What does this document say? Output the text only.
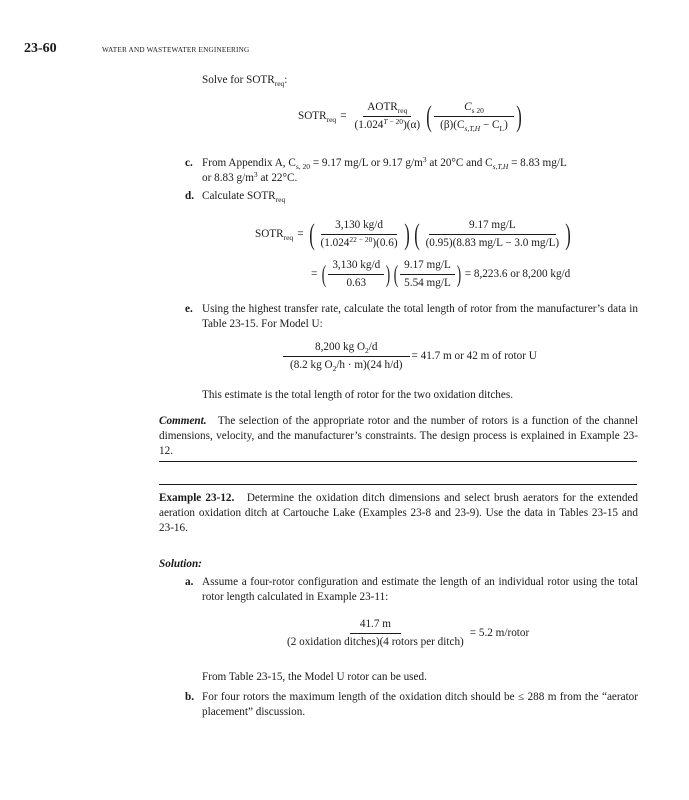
23-60	WATER AND WASTEWATER ENGINEERING
Solve for $SOTR_{req}$:
$SOTR_{req} = \frac{AOTR_{req}}{(1.024^{T - 20})(\alpha)}$ ( $\frac{C_{s 20}}{(\beta)(C_{s,T,H} - C_L)}$ )
c. From Appendix A, $C_{s, 20} = 9.17$ mg/L or 9.17 $g/m^3$ at 20°C and $C_{s,T,H} = 8.83$ mg/L
or 8.83 $g/m^3$ at 22°C.
d. Calculate $SOTR_{req}$
$SOTR_{req}$ = ( $\frac{3,130 kg/d}{(1.024^{22 - 20})(0.6)}$ ) ( $\frac{9.17 mg/L}{(0.95)(8.83 mg/L - 3.0 mg/L)}$ )
= ( $\frac{3,130 kg/d}{0.63}$ ) ( $\frac{9.17 mg/L}{5.54 mg/L}$ ) = 8,223.6 or 8,200 kg/d
e. Using the highest transfer rate, calculate the total length of rotor from the manufacturer’s data in Table 23-15. For Model U:
$\frac{8,200 kg O_2/d}{(8.2 kg O_2/h \cdot m)(24 h/d)} = 41.7$ m or 42 m of rotor U
This estimate is the total length of rotor for the two oxidation ditches.
Comment. The selection of the appropriate rotor and the number of rotors is a function of the channel dimensions, velocity, and the manufacturer’s constraints. The design process is explained in Example 23-12.
Example 23-12. Determine the oxidation ditch dimensions and select brush aerators for the extended aeration oxidation ditch at Cartouche Lake (Examples 23-8 and 23-9). Use the data in Tables 23-15 and 23-16.
Solution:
a. Assume a four-rotor configuration and estimate the length of an individual rotor using the total rotor length calculated in Example 23-11:
$\frac{41.7 m}{\text{(2 oxidation ditches)(4 rotors per ditch)}} = 5.2$ m/rotor
From Table 23-15, the Model U rotor can be used.
b. For four rotors the maximum length of the oxidation ditch should be ≤ 288 m from the “aerator placement” discussion.
